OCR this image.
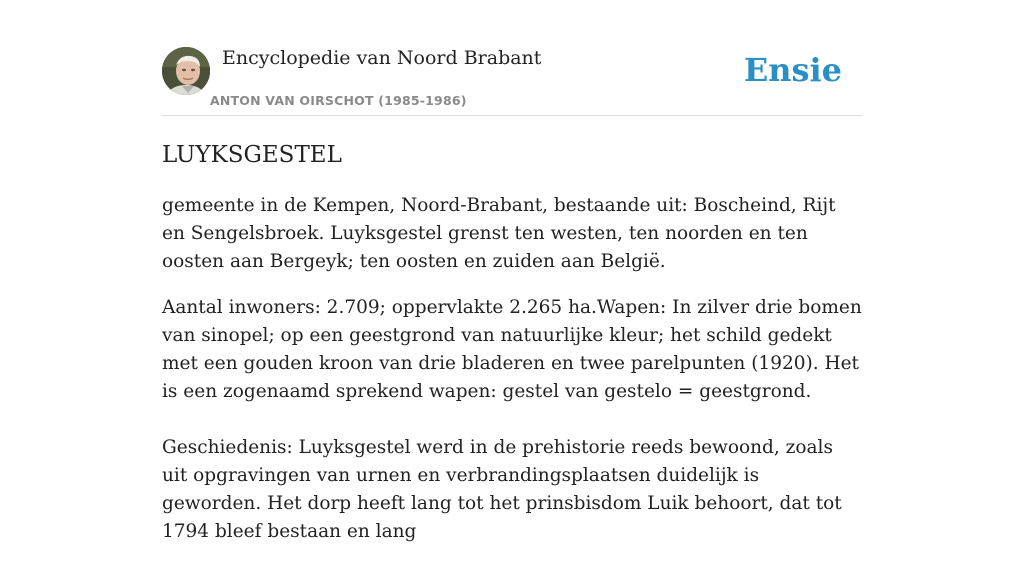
Encyclopedie van Noord Brabant
ANTON VAN OIRSCHOT (1985-1986)
Ensie
LUYKSGESTEL

gemeente in de Kempen, Noord-Brabant, bestaande uit: Boscheind, Rijt en Sengelsbroek. Luyksgestel grenst ten westen, ten noorden en ten oosten aan Bergeyk; ten oosten en zuiden aan België.

Aantal inwoners: 2.709; oppervlakte 2.265 ha.Wapen: In zilver drie bomen van sinopel; op een geestgrond van natuurlijke kleur; het schild gedekt met een gouden kroon van drie bladeren en twee parelpunten (1920). Het is een zogenaamd sprekend wapen: gestel van gestelo = geestgrond.

Geschiedenis: Luyksgestel werd in de prehistorie reeds bewoond, zoals uit opgravingen van urnen en verbrandingsplaatsen duidelijk is geworden. Het dorp heeft lang tot het prinsbisdom Luik behoort, dat tot 1794 bleef bestaan en lang
